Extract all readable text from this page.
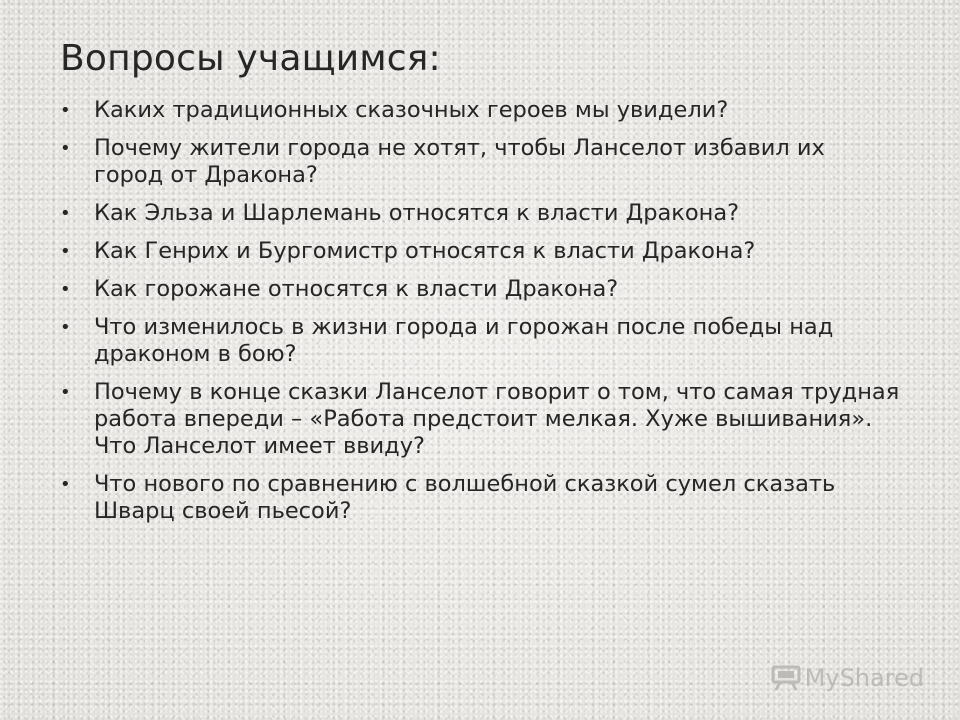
Вопросы учащимся:
•	Каких традиционных сказочных героев мы увидели?
•	Почему жители города не хотят, чтобы Ланселот избавил их город от Дракона?
•	Как Эльза и Шарлемань относятся к власти Дракона?
•	Как Генрих и Бургомистр относятся к власти Дракона?
•	Как горожане относятся к власти Дракона?
•	Что изменилось в жизни города и горожан после победы над драконом в бою?
•	Почему в конце сказки Ланселот говорит о том, что самая трудная работа впереди – «Работа предстоит мелкая. Хуже вышивания». Что Ланселот имеет ввиду?
•	Что нового по сравнению с волшебной сказкой сумел сказать Шварц своей пьесой?
MyShared
